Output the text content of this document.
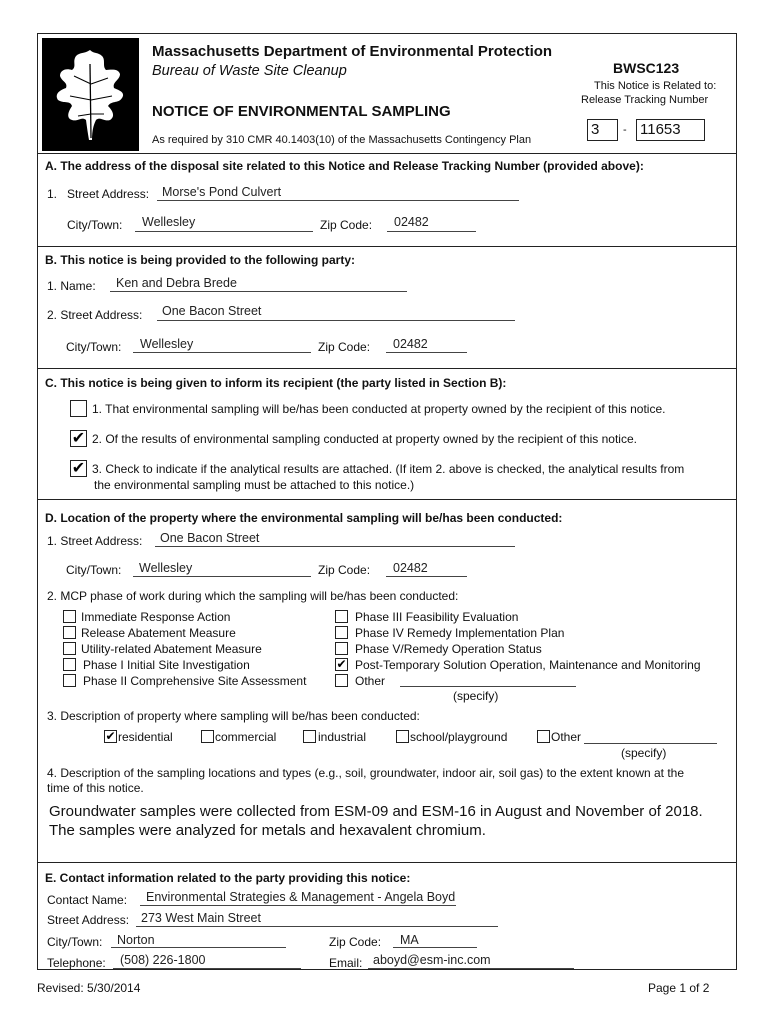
Massachusetts Department of Environmental Protection
Bureau of Waste Site Cleanup
NOTICE OF ENVIRONMENTAL SAMPLING
As required by 310 CMR 40.1403(10) of the Massachusetts Contingency Plan
BWSC123
This Notice is Related to:
Release Tracking Number
3	- 11653
A. The address of the disposal site related to this Notice and Release Tracking Number (provided above):
1. Street Address: Morse's Pond Culvert
City/Town: Wellesley	Zip Code: 02482
B. This notice is being provided to the following party:
1. Name: Ken and Debra Brede
2. Street Address: One Bacon Street
City/Town: Wellesley	Zip Code: 02482
C. This notice is being given to inform its recipient (the party listed in Section B):
1. That environmental sampling will be/has been conducted at property owned by the recipient of this notice.
✔ 2. Of the results of environmental sampling conducted at property owned by the recipient of this notice.
✔ 3. Check to indicate if the analytical results are attached. (If item 2. above is checked, the analytical results from
the environmental sampling must be attached to this notice.)
D. Location of the property where the environmental sampling will be/has been conducted:
1. Street Address: One Bacon Street
City/Town: Wellesley	Zip Code: 02482
2. MCP phase of work during which the sampling will be/has been conducted:
Immediate Response Action
Release Abatement Measure
Utility-related Abatement Measure
Phase I Initial Site Investigation
Phase II Comprehensive Site Assessment
Phase III Feasibility Evaluation
Phase IV Remedy Implementation Plan
Phase V/Remedy Operation Status
✔ Post-Temporary Solution Operation, Maintenance and Monitoring
Other
(specify)
3. Description of property where sampling will be/has been conducted:
✔ residential	commercial	industrial	school/playground	Other
(specify)
4. Description of the sampling locations and types (e.g., soil, groundwater, indoor air, soil gas) to the extent known at the
time of this notice.
Groundwater samples were collected from ESM-09 and ESM-16 in August and November of 2018.
The samples were analyzed for metals and hexavalent chromium.
E. Contact information related to the party providing this notice:
Contact Name: Environmental Strategies & Management - Angela Boyd
Street Address: 273 West Main Street
City/Town: Norton	Zip Code: MA
Telephone: (508) 226-1800	Email: aboyd@esm-inc.com
Revised: 5/30/2014	Page 1 of 2
